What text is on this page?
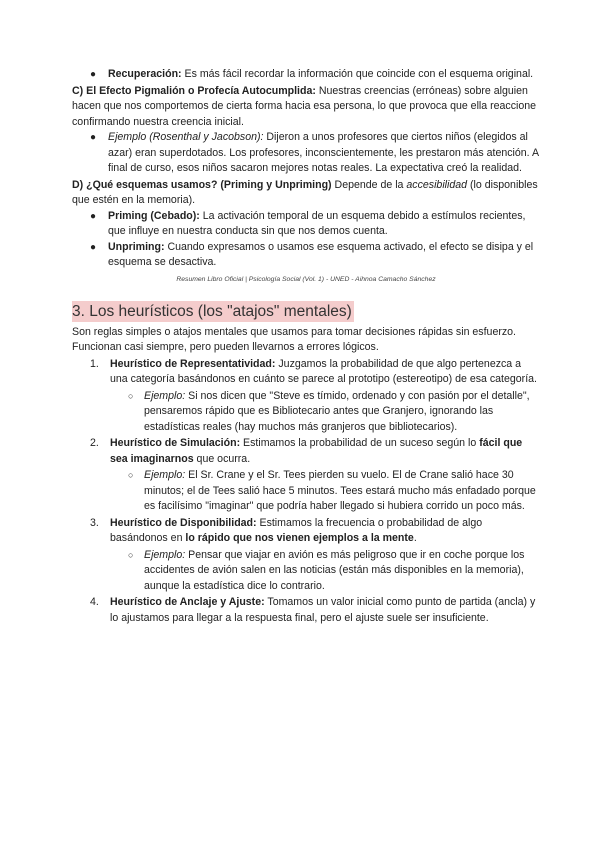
●	Recuperación: Es más fácil recordar la información que coincide con el esquema original.

C) El Efecto Pigmalión o Profecía Autocumplida: Nuestras creencias (erróneas) sobre alguien hacen que nos comportemos de cierta forma hacia esa persona, lo que provoca que ella reaccione confirmando nuestra creencia inicial.

●	Ejemplo (Rosenthal y Jacobson): Dijeron a unos profesores que ciertos niños (elegidos al azar) eran superdotados. Los profesores, inconscientemente, les prestaron más atención. A final de curso, esos niños sacaron mejores notas reales. La expectativa creó la realidad.

D) ¿Qué esquemas usamos? (Priming y Unpriming) Depende de la accesibilidad (lo disponibles que estén en la memoria).

●	Priming (Cebado): La activación temporal de un esquema debido a estímulos recientes, que influye en nuestra conducta sin que nos demos cuenta.
●	Unpriming: Cuando expresamos o usamos ese esquema activado, el efecto se disipa y el esquema se desactiva.

Resumen Libro Oficial | Psicología Social (Vol. 1) - UNED - Aihnoa Camacho Sánchez

3. Los heurísticos (los "atajos" mentales)

Son reglas simples o atajos mentales que usamos para tomar decisiones rápidas sin esfuerzo. Funcionan casi siempre, pero pueden llevarnos a errores lógicos.

1.	Heurístico de Representatividad: Juzgamos la probabilidad de que algo pertenezca a una categoría basándonos en cuánto se parece al prototipo (estereotipo) de esa categoría.
○ Ejemplo: Si nos dicen que "Steve es tímido, ordenado y con pasión por el detalle", pensaremos rápido que es Bibliotecario antes que Granjero, ignorando las estadísticas reales (hay muchos más granjeros que bibliotecarios).
2.	Heurístico de Simulación: Estimamos la probabilidad de un suceso según lo fácil que sea imaginarnos que ocurra.
○ Ejemplo: El Sr. Crane y el Sr. Tees pierden su vuelo. El de Crane salió hace 30 minutos; el de Tees salió hace 5 minutos. Tees estará mucho más enfadado porque es facilísimo "imaginar" que podría haber llegado si hubiera corrido un poco más.
3.	Heurístico de Disponibilidad: Estimamos la frecuencia o probabilidad de algo basándonos en lo rápido que nos vienen ejemplos a la mente.
○ Ejemplo: Pensar que viajar en avión es más peligroso que ir en coche porque los accidentes de avión salen en las noticias (están más disponibles en la memoria), aunque la estadística dice lo contrario.
4.	Heurístico de Anclaje y Ajuste: Tomamos un valor inicial como punto de partida (ancla) y lo ajustamos para llegar a la respuesta final, pero el ajuste suele ser insuficiente.
